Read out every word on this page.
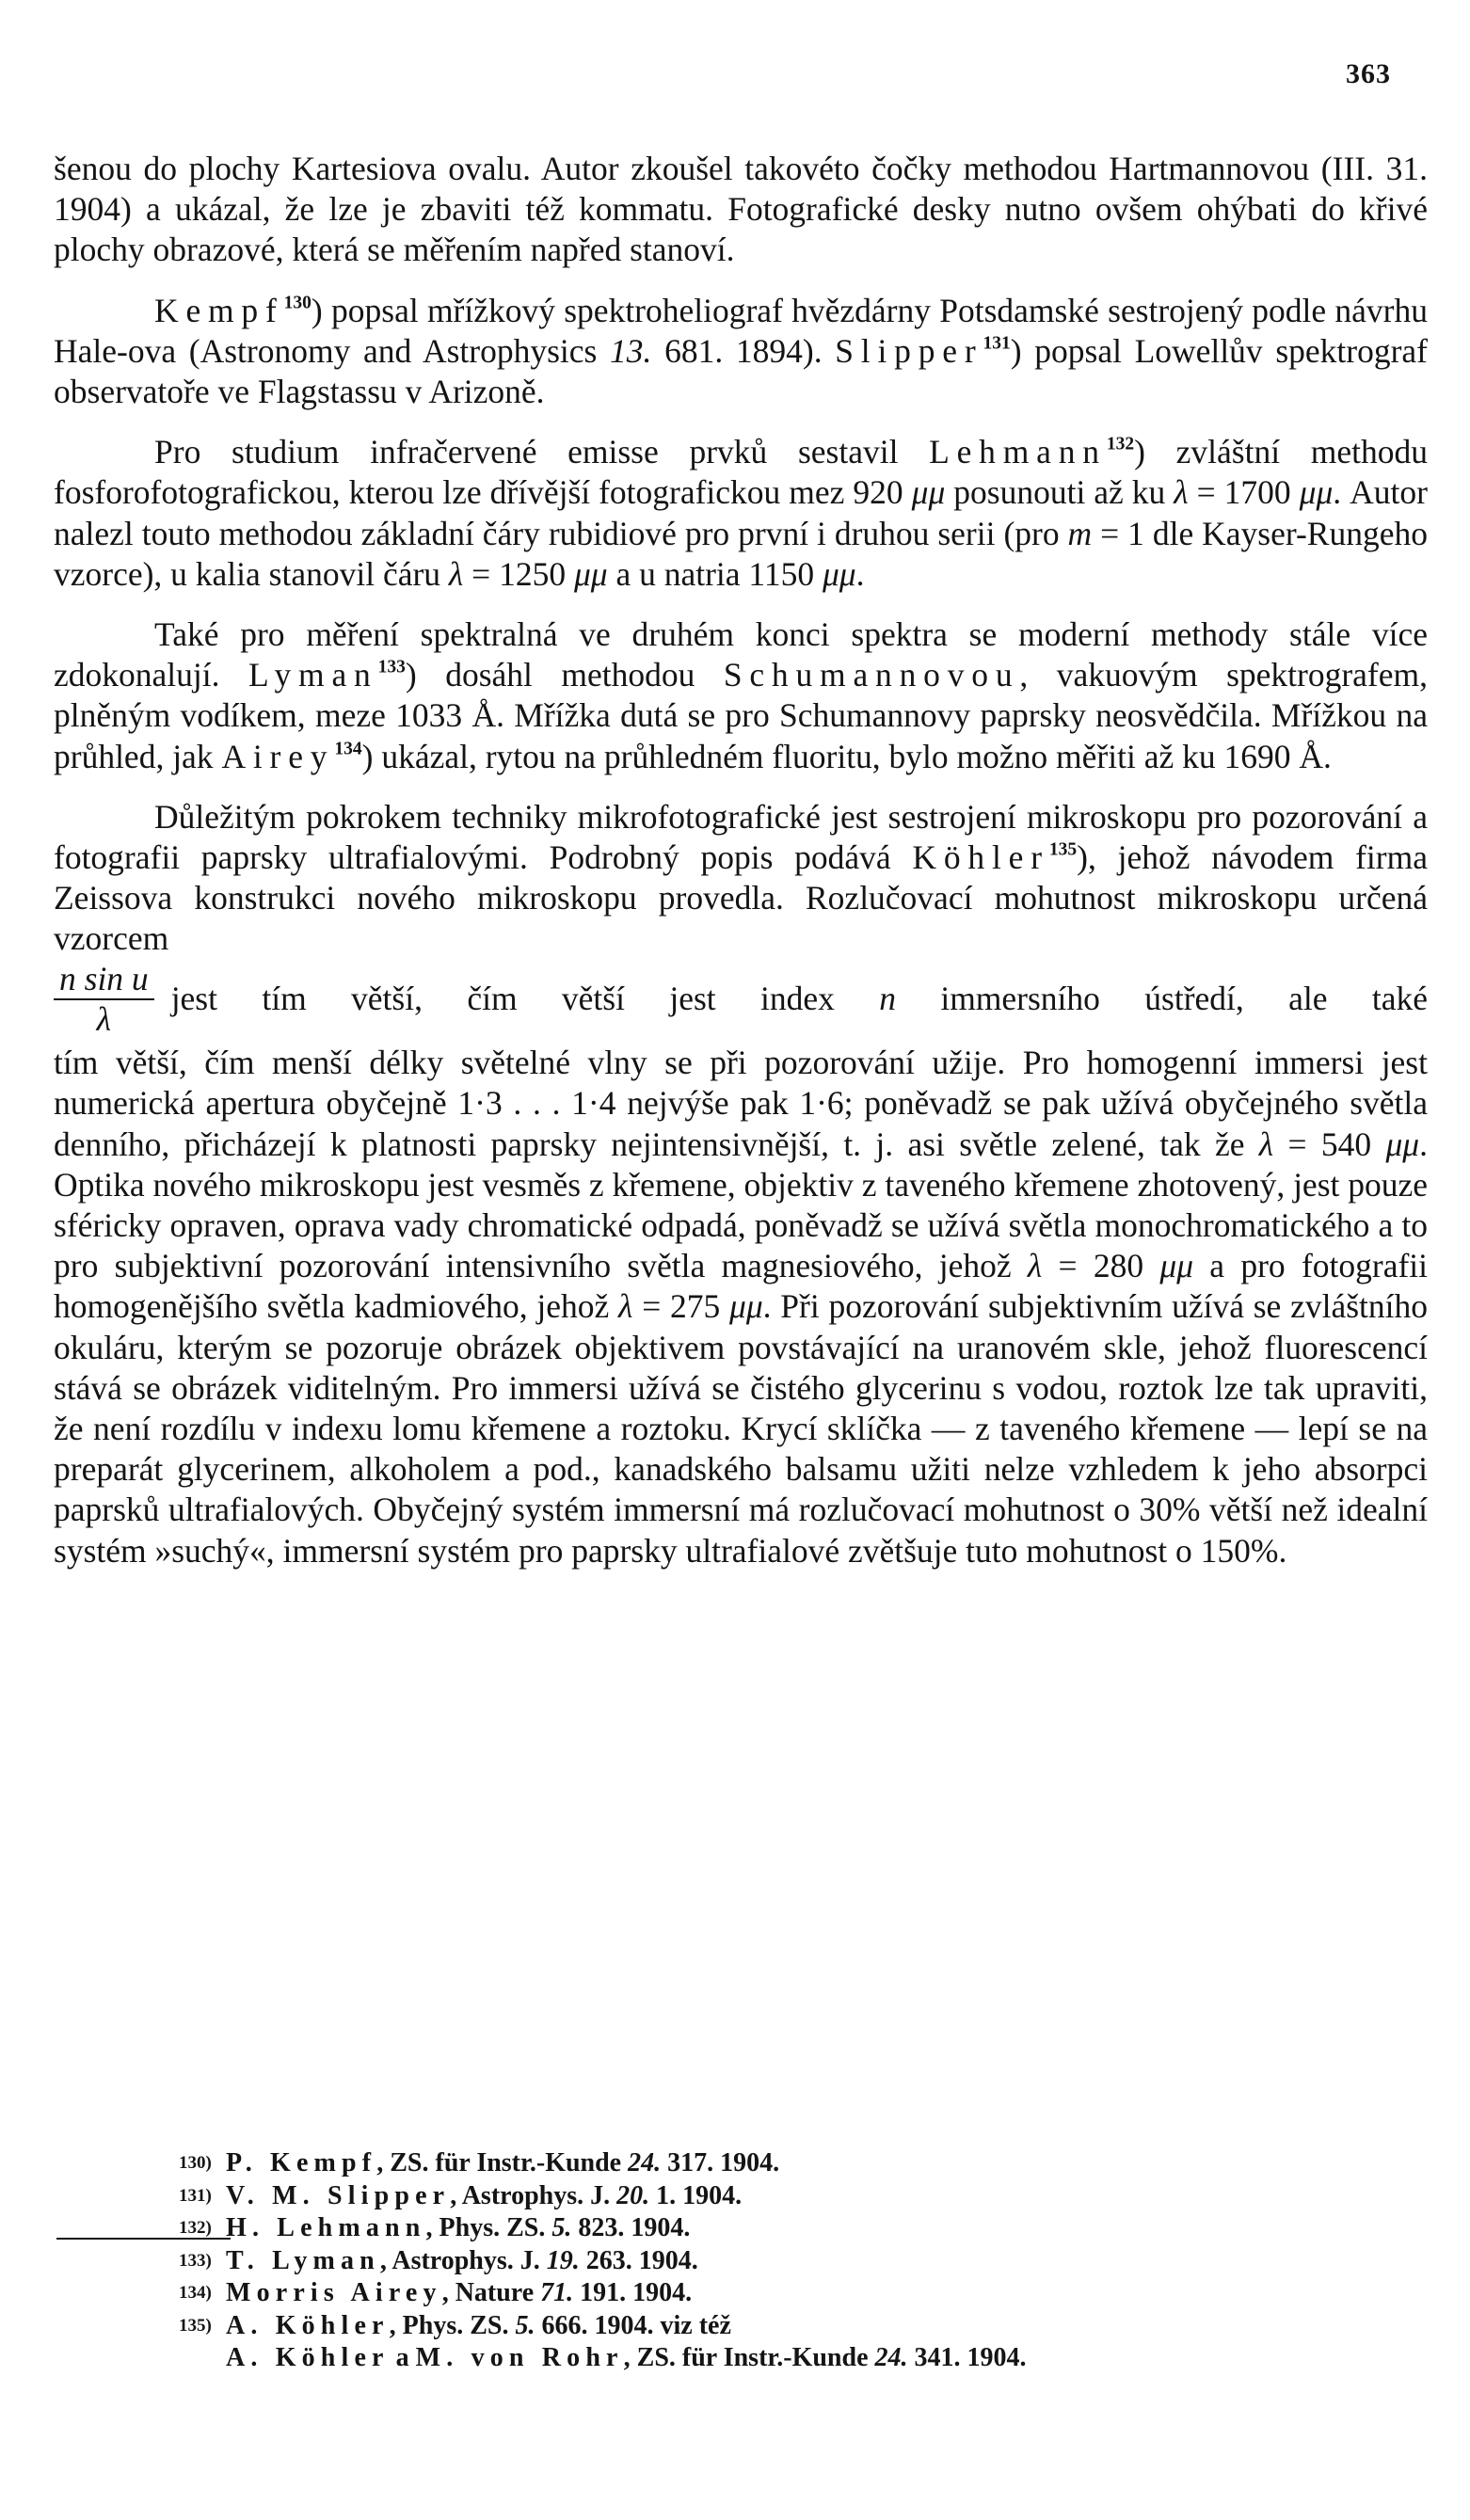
363

šenou do plochy Kartesiova ovalu. Autor zkoušel takovéto čočky methodou Hartmannovou (III. 31. 1904) a ukázal, že lze je zbaviti též kommatu. Fotografické desky nutno ovšem ohýbati do křivé plochy obrazové, která se měřením napřed stanoví.

Kempf$^{130}$) popsal mřížkový spektroheliograf hvězdárny Potsdamské sestrojený podle návrhu Hale-ova (Astronomy and Astrophysics 13. 681. 1894). Slipper$^{131}$) popsal Lowellův spektrograf observatoře ve Flagstassu v Arizoně.

Pro studium infračervené emisse prvků sestavil Lehmann$^{132}$) zvláštní methodu fosforofotografickou, kterou lze dřívější fotografickou mez 920 μμ posunouti až ku λ = 1700 μμ. Autor nalezl touto methodou základní čáry rubidiové pro první i druhou serii (pro m = 1 dle Kayser-Rungeho vzorce), u kalia stanovil čáru λ = 1250 μμ a u natria 1150 μμ.

Také pro měření spektralná ve druhém konci spektra se moderní methody stále více zdokonalují. Lyman$^{133}$) dosáhl methodou Schumannovou, vakuovým spektrografem, plněným vodíkem, meze 1033 Å. Mřížka dutá se pro Schumannovy paprsky neosvědčila. Mřížkou na průhled, jak Airey$^{134}$) ukázal, rytou na průhledném fluoritu, bylo možno měřiti až ku 1690 Å.

Důležitým pokrokem techniky mikrofotografické jest sestrojení mikroskopu pro pozorování a fotografii paprsky ultrafialovými. Podrobný popis podává Köhler$^{135}$), jehož návodem firma Zeissova konstrukci nového mikroskopu provedla. Rozlučovací mohutnost mikroskopu určená vzorcem

$\frac{\text{n sin u}}{\lambda}$ jest tím větší, čím větší jest index n immersního ústředí, ale také

tím větší, čím menší délky světelné vlny se při pozorování užije. Pro homogenní immersi jest numerická apertura obyčejně 1·3 . . . 1·4 nejvýše pak 1·6; poněvadž se pak užívá obyčejného světla denního, přicházejí k platnosti paprsky nejintensivnější, t. j. asi světle zelené, tak že λ = 540 μμ. Optika nového mikroskopu jest vesměs z křemene, objektiv z taveného křemene zhotovený, jest pouze sféricky opraven, oprava vady chromatické odpadá, poněvadž se užívá světla monochromatického a to pro subjektivní pozorování intensivního světla magnesiového, jehož λ = 280 μμ a pro fotografii homogenějšího světla kadmiového, jehož λ = 275 μμ. Při pozorování subjektivním užívá se zvláštního okuláru, kterým se pozoruje obrázek objektivem povstávající na uranovém skle, jehož fluorescencí stává se obrázek viditelným. Pro immersi užívá se čistého glycerinu s vodou, roztok lze tak upraviti, že není rozdílu v indexu lomu křemene a roztoku. Krycí sklíčka — z taveného křemene — lepí se na preparát glycerinem, alkoholem a pod., kanadského balsamu užiti nelze vzhledem k jeho absorpci paprsků ultrafialových. Obyčejný systém immersní má rozlučovací mohutnost o 30% větší než idealní systém »suchý«, immersní systém pro paprsky ultrafialové zvětšuje tuto mohutnost o 150%.

130) P. Kempf, ZS. für Instr.-Kunde 24. 317. 1904.
131) V. M. Slipper, Astrophys. J. 20. 1. 1904.
132) H. Lehmann, Phys. ZS. 5. 823. 1904.
133) T. Lyman, Astrophys. J. 19. 263. 1904.
134) Morris Airey, Nature 71. 191. 1904.
135) A. Köhler, Phys. ZS. 5. 666. 1904. viz též
A. Köhler a M. von Rohr, ZS. für Instr.-Kunde 24. 341. 1904.
